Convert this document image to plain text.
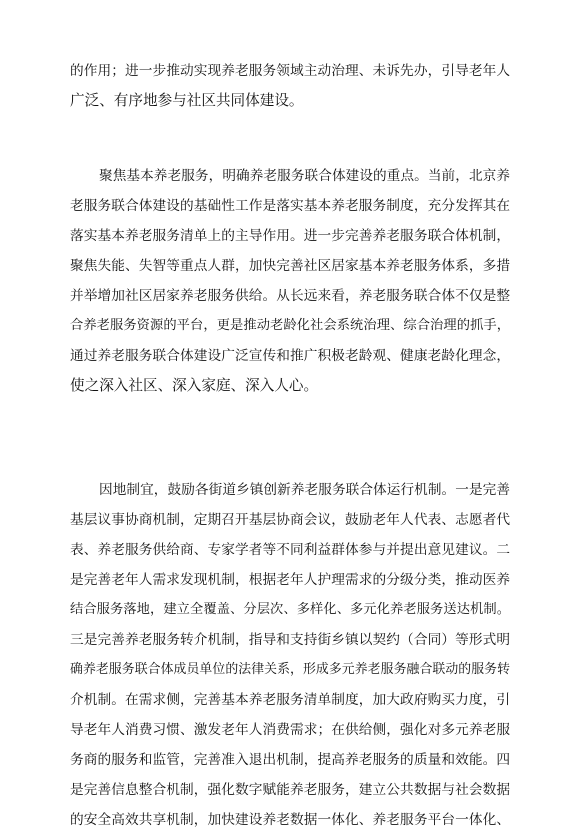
的作用；进一步推动实现养老服务领域主动治理、未诉先办，引导老年人
广泛、有序地参与社区共同体建设。
聚焦基本养老服务，明确养老服务联合体建设的重点。当前，北京养
老服务联合体建设的基础性工作是落实基本养老服务制度，充分发挥其在
落实基本养老服务清单上的主导作用。进一步完善养老服务联合体机制，
聚焦失能、失智等重点人群，加快完善社区居家基本养老服务体系，多措
并举增加社区居家养老服务供给。从长远来看，养老服务联合体不仅是整
合养老服务资源的平台，更是推动老龄化社会系统治理、综合治理的抓手，
通过养老服务联合体建设广泛宣传和推广积极老龄观、健康老龄化理念，
使之深入社区、深入家庭、深入人心。
因地制宜，鼓励各街道乡镇创新养老服务联合体运行机制。一是完善
基层议事协商机制，定期召开基层协商会议，鼓励老年人代表、志愿者代
表、养老服务供给商、专家学者等不同利益群体参与并提出意见建议。二
是完善老年人需求发现机制，根据老年人护理需求的分级分类，推动医养
结合服务落地，建立全覆盖、分层次、多样化、多元化养老服务送达机制。
三是完善养老服务转介机制，指导和支持街乡镇以契约（合同）等形式明
确养老服务联合体成员单位的法律关系，形成多元养老服务融合联动的服务转
介机制。在需求侧，完善基本养老服务清单制度，加大政府购买力度，引
导老年人消费习惯、激发老年人消费需求；在供给侧，强化对多元养老服
务商的服务和监管，完善准入退出机制，提高养老服务的质量和效能。四
是完善信息整合机制，强化数字赋能养老服务，建立公共数据与社会数据
的安全高效共享机制，加快建设养老数据一体化、养老服务平台一体化、
